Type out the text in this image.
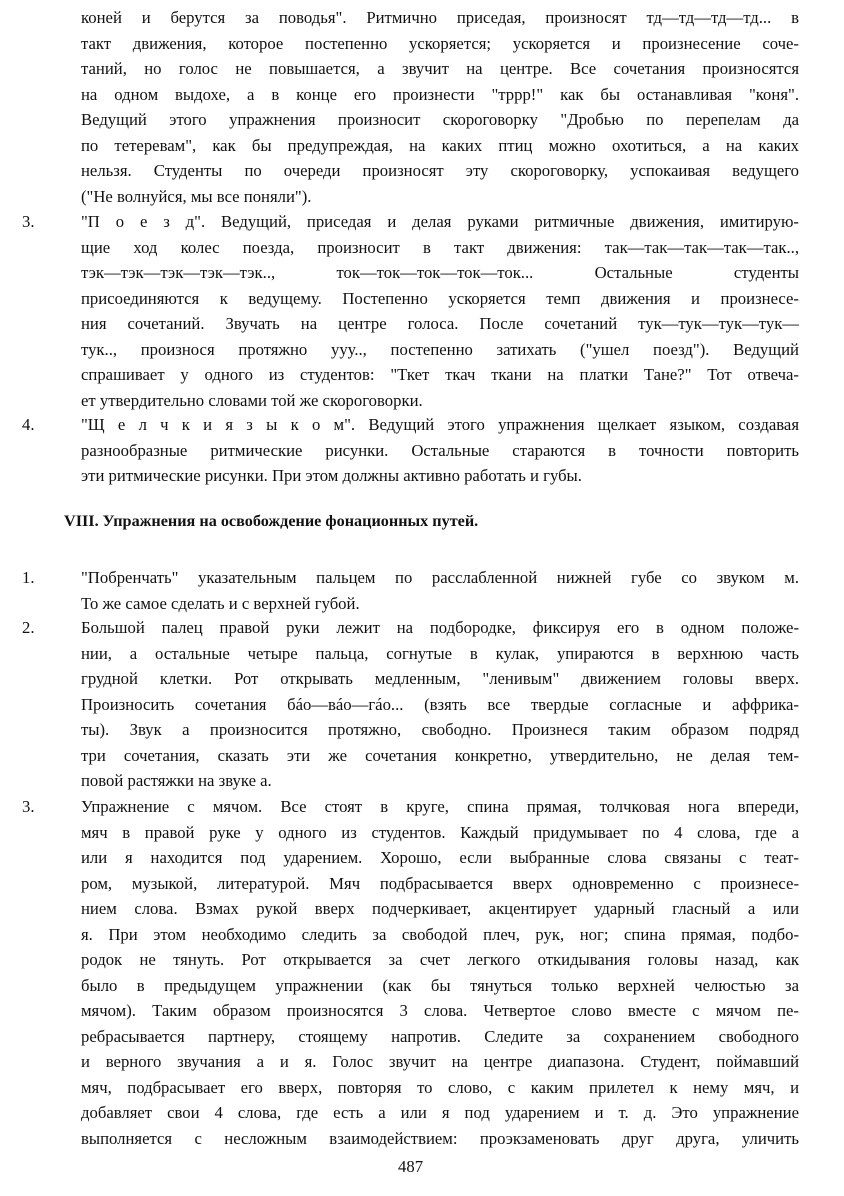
коней и берутся за поводья". Ритмично приседая, произносят тд—тд—тд—тд... в
такт движения, которое постепенно ускоряется; ускоряется и произнесение соче-
таний, но голос не повышается, а звучит на центре. Все сочетания произносятся
на одном выдохе, а в конце его произнести "тррр!" как бы останавливая "коня".
Ведущий этого упражнения произносит скороговорку "Дробью по перепелам да
по тетеревам", как бы предупреждая, на каких птиц можно охотиться, а на каких
нельзя. Студенты по очереди произносят эту скороговорку, успокаивая ведущего
("Не волнуйся, мы все поняли").
3.	"П о е з д". Ведущий, приседая и делая руками ритмичные движения, имитирую-
щие ход колес поезда, произносит в такт движения: так—так—так—так—так..,
тэк—тэк—тэк—тэк—тэк.., ток—ток—ток—ток—ток... Остальные студенты
присоединяются к ведущему. Постепенно ускоряется темп движения и произнесе-
ния сочетаний. Звучать на центре голоса. После сочетаний тук—тук—тук—тук—
тук.., произнося протяжно ууу.., постепенно затихать ("ушел поезд"). Ведущий
спрашивает у одного из студентов: "Ткет ткач ткани на платки Тане?" Тот отвеча-
ет утвердительно словами той же скороговорки.
4.	"Щ е л ч к и я з ы к о м". Ведущий этого упражнения щелкает языком, создавая
разнообразные ритмические рисунки. Остальные стараются в точности повторить
эти ритмические рисунки. При этом должны активно работать и губы.
VIII. Упражнения на освобождение фонационных путей.
1.	"Побренчать" указательным пальцем по расслабленной нижней губе со звуком м.
То же самое сделать и с верхней губой.
2.	Большой палец правой руки лежит на подбородке, фиксируя его в одном положе-
нии, а остальные четыре пальца, согнутые в кулак, упираются в верхнюю часть
грудной клетки. Рот открывать медленным, "ленивым" движением головы вверх.
Произносить сочетания бáо—вáо—гáо... (взять все твердые согласные и аффрика-
ты). Звук а произносится протяжно, свободно. Произнеся таким образом подряд
три сочетания, сказать эти же сочетания конкретно, утвердительно, не делая тем-
повой растяжки на звуке а.
3.	Упражнение с мячом. Все стоят в круге, спина прямая, толчковая нога впереди,
мяч в правой руке у одного из студентов. Каждый придумывает по 4 слова, где а
или я находится под ударением. Хорошо, если выбранные слова связаны с теат-
ром, музыкой, литературой. Мяч подбрасывается вверх одновременно с произнесе-
нием слова. Взмах рукой вверх подчеркивает, акцентирует ударный гласный а или
я. При этом необходимо следить за свободой плеч, рук, ног; спина прямая, подбо-
родок не тянуть. Рот открывается за счет легкого откидывания головы назад, как
было в предыдущем упражнении (как бы тянуться только верхней челюстью за
мячом). Таким образом произносятся 3 слова. Четвертое слово вместе с мячом пе-
ребрасывается партнеру, стоящему напротив. Следите за сохранением свободного
и верного звучания а и я. Голос звучит на центре диапазона. Студент, поймавший
мяч, подбрасывает его вверх, повторяя то слово, с каким прилетел к нему мяч, и
добавляет свои 4 слова, где есть а или я под ударением и т. д. Это упражнение
выполняется с несложным взаимодействием: проэкзаменовать друг друга, уличить
487
